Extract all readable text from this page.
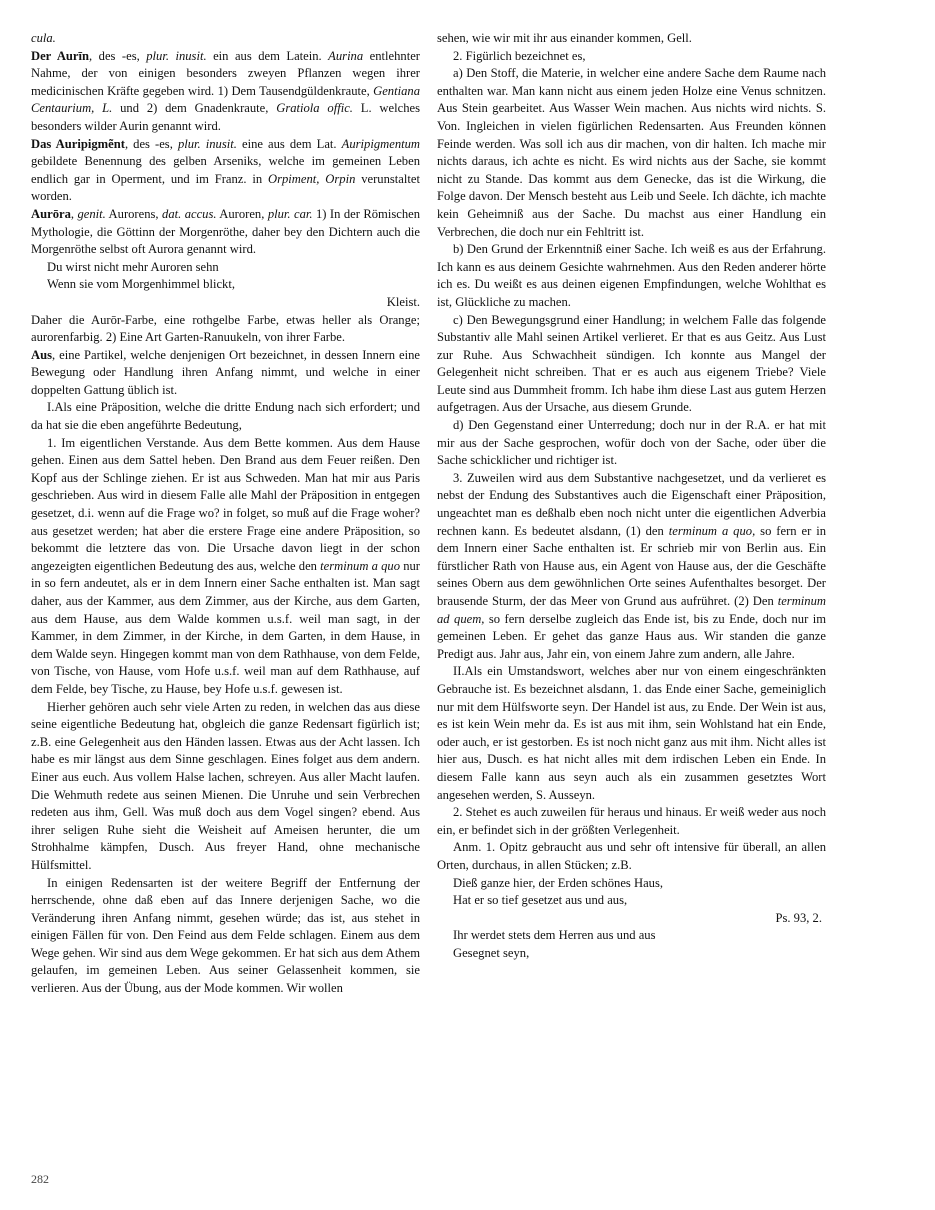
cula.

Der Aurīn, des -es, plur. inusit. ein aus dem Latein. Aurina entlehnter Nahme, der von einigen besonders zweyen Pflanzen wegen ihrer medicinischen Kräfte gegeben wird. 1) Dem Tausendgüldenkraute, Gentiana Centaurium, L. und 2) dem Gnadenkraute, Gratiola offic. L. welches besonders wilder Aurin genannt wird.

Das Auripigmẽnt, des -es, plur. inusit. eine aus dem Lat. Auripigmentum gebildete Benennung des gelben Arseniks, welche im gemeinen Leben endlich gar in Operment, und im Franz. in Orpiment, Orpin verunstaltet worden.

Aurōra, genit. Aurorens, dat. accus. Auroren, plur. car. 1) In der Römischen Mythologie, die Göttinn der Morgenröthe, daher bey den Dichtern auch die Morgenröthe selbst oft Aurora genannt wird.

Du wirst nicht mehr Auroren sehn
Wenn sie vom Morgenhimmel blickt,
Kleist.

Daher die Aurōr-Farbe, eine rothgelbe Farbe, etwas heller als Orange; aurorenfarbig. 2) Eine Art Garten-Ranuukeln, von ihrer Farbe.

Aus, eine Partikel, welche denjenigen Ort bezeichnet, in dessen Innern eine Bewegung oder Handlung ihren Anfang nimmt, und welche in einer doppelten Gattung üblich ist.

I.Als eine Präposition, welche die dritte Endung nach sich erfordert; und da hat sie die eben angeführte Bedeutung,

1. Im eigentlichen Verstande. Aus dem Bette kommen. Aus dem Hause gehen. Einen aus dem Sattel heben. Den Brand aus dem Feuer reißen. Den Kopf aus der Schlinge ziehen. Er ist aus Schweden. Man hat mir aus Paris geschrieben. Aus wird in diesem Falle alle Mahl der Präposition in entgegen gesetzet, d.i. wenn auf die Frage wo? in folget, so muß auf die Frage woher? aus gesetzet werden; hat aber die erstere Frage eine andere Präposition, so bekommt die letztere das von. Die Ursache davon liegt in der schon angezeigten eigentlichen Bedeutung des aus, welche den terminum a quo nur in so fern andeutet, als er in dem Innern einer Sache enthalten ist. Man sagt daher, aus der Kammer, aus dem Zimmer, aus der Kirche, aus dem Garten, aus dem Hause, aus dem Walde kommen u.s.f. weil man sagt, in der Kammer, in dem Zimmer, in der Kirche, in dem Garten, in dem Hause, in dem Walde seyn. Hingegen kommt man von dem Rathhause, von dem Felde, von Tische, von Hause, vom Hofe u.s.f. weil man auf dem Rathhause, auf dem Felde, bey Tische, zu Hause, bey Hofe u.s.f. gewesen ist.

Hierher gehören auch sehr viele Arten zu reden, in welchen das aus diese seine eigentliche Bedeutung hat, obgleich die ganze Redensart figürlich ist; z.B. eine Gelegenheit aus den Händen lassen. Etwas aus der Acht lassen. Ich habe es mir längst aus dem Sinne geschlagen. Eines folget aus dem andern. Einer aus euch. Aus vollem Halse lachen, schreyen. Aus aller Macht laufen. Die Wehmuth redete aus seinen Mienen. Die Unruhe und sein Verbrechen redeten aus ihm, Gell. Was muß doch aus dem Vogel singen? ebend. Aus ihrer seligen Ruhe sieht die Weisheit auf Ameisen herunter, die um Strohhalme kämpfen, Dusch. Aus freyer Hand, ohne mechanische Hülfsmittel.

In einigen Redensarten ist der weitere Begriff der Entfernung der herrschende, ohne daß eben auf das Innere derjenigen Sache, wo die Veränderung ihren Anfang nimmt, gesehen würde; das ist, aus stehet in einigen Fällen für von. Den Feind aus dem Felde schlagen. Einem aus dem Wege gehen. Wir sind aus dem Wege gekommen. Er hat sich aus dem Athem gelaufen, im gemeinen Leben. Aus seiner Gelassenheit kommen, sie verlieren. Aus der Übung, aus der Mode kommen. Wir wollen

sehen, wie wir mit ihr aus einander kommen, Gell.

2. Figürlich bezeichnet es,

a) Den Stoff, die Materie, in welcher eine andere Sache dem Raume nach enthalten war. Man kann nicht aus einem jeden Holze eine Venus schnitzen. Aus Stein gearbeitet. Aus Wasser Wein machen. Aus nichts wird nichts. S. Von. Ingleichen in vielen figürlichen Redensarten. Aus Freunden können Feinde werden. Was soll ich aus dir machen, von dir halten. Ich mache mir nichts daraus, ich achte es nicht. Es wird nichts aus der Sache, sie kommt nicht zu Stande. Das kommt aus dem Genecke, das ist die Wirkung, die Folge davon. Der Mensch besteht aus Leib und Seele. Ich dächte, ich machte kein Geheimniß aus der Sache. Du machst aus einer Handlung ein Verbrechen, die doch nur ein Fehltritt ist.

b) Den Grund der Erkenntniß einer Sache. Ich weiß es aus der Erfahrung. Ich kann es aus deinem Gesichte wahrnehmen. Aus den Reden anderer hörte ich es. Du weißt es aus deinen eigenen Empfindungen, welche Wohlthat es ist, Glückliche zu machen.

c) Den Bewegungsgrund einer Handlung; in welchem Falle das folgende Substantiv alle Mahl seinen Artikel verlieret. Er that es aus Geitz. Aus Lust zur Ruhe. Aus Schwachheit sündigen. Ich konnte aus Mangel der Gelegenheit nicht schreiben. That er es auch aus eigenem Triebe? Viele Leute sind aus Dummheit fromm. Ich habe ihm diese Last aus gutem Herzen aufgetragen. Aus der Ursache, aus diesem Grunde.

d) Den Gegenstand einer Unterredung; doch nur in der R.A. er hat mit mir aus der Sache gesprochen, wofür doch von der Sache, oder über die Sache schicklicher und richtiger ist.

3. Zuweilen wird aus dem Substantive nachgesetzet, und da verlieret es nebst der Endung des Substantives auch die Eigenschaft einer Präposition, ungeachtet man es deßhalb eben noch nicht unter die eigentlichen Adverbia rechnen kann. Es bedeutet alsdann, (1) den terminum a quo, so fern er in dem Innern einer Sache enthalten ist. Er schrieb mir von Berlin aus. Ein fürstlicher Rath von Hause aus, ein Agent von Hause aus, der die Geschäfte seines Obern aus dem gewöhnlichen Orte seines Aufenthaltes besorget. Der brausende Sturm, der das Meer von Grund aus aufrühret. (2) Den terminum ad quem, so fern derselbe zugleich das Ende ist, bis zu Ende, doch nur im gemeinen Leben. Er gehet das ganze Haus aus. Wir standen die ganze Predigt aus. Jahr aus, Jahr ein, von einem Jahre zum andern, alle Jahre.

II.Als ein Umstandswort, welches aber nur von einem eingeschränkten Gebrauche ist. Es bezeichnet alsdann, 1. das Ende einer Sache, gemeiniglich nur mit dem Hülfsworte seyn. Der Handel ist aus, zu Ende. Der Wein ist aus, es ist kein Wein mehr da. Es ist aus mit ihm, sein Wohlstand hat ein Ende, oder auch, er ist gestorben. Es ist noch nicht ganz aus mit ihm. Nicht alles ist hier aus, Dusch. es hat nicht alles mit dem irdischen Leben ein Ende. In diesem Falle kann aus seyn auch als ein zusammen gesetztes Wort angesehen werden, S. Ausseyn.

2. Stehet es auch zuweilen für heraus und hinaus. Er weiß weder aus noch ein, er befindet sich in der größten Verlegenheit.

Anm. 1. Opitz gebraucht aus und sehr oft intensive für überall, an allen Orten, durchaus, in allen Stücken; z.B.

Dieß ganze hier, der Erden schönes Haus,
Hat er so tief gesetzet aus und aus,
Ps. 93, 2.
Ihr werdet stets dem Herren aus und aus
Gesegnet seyn,
282
